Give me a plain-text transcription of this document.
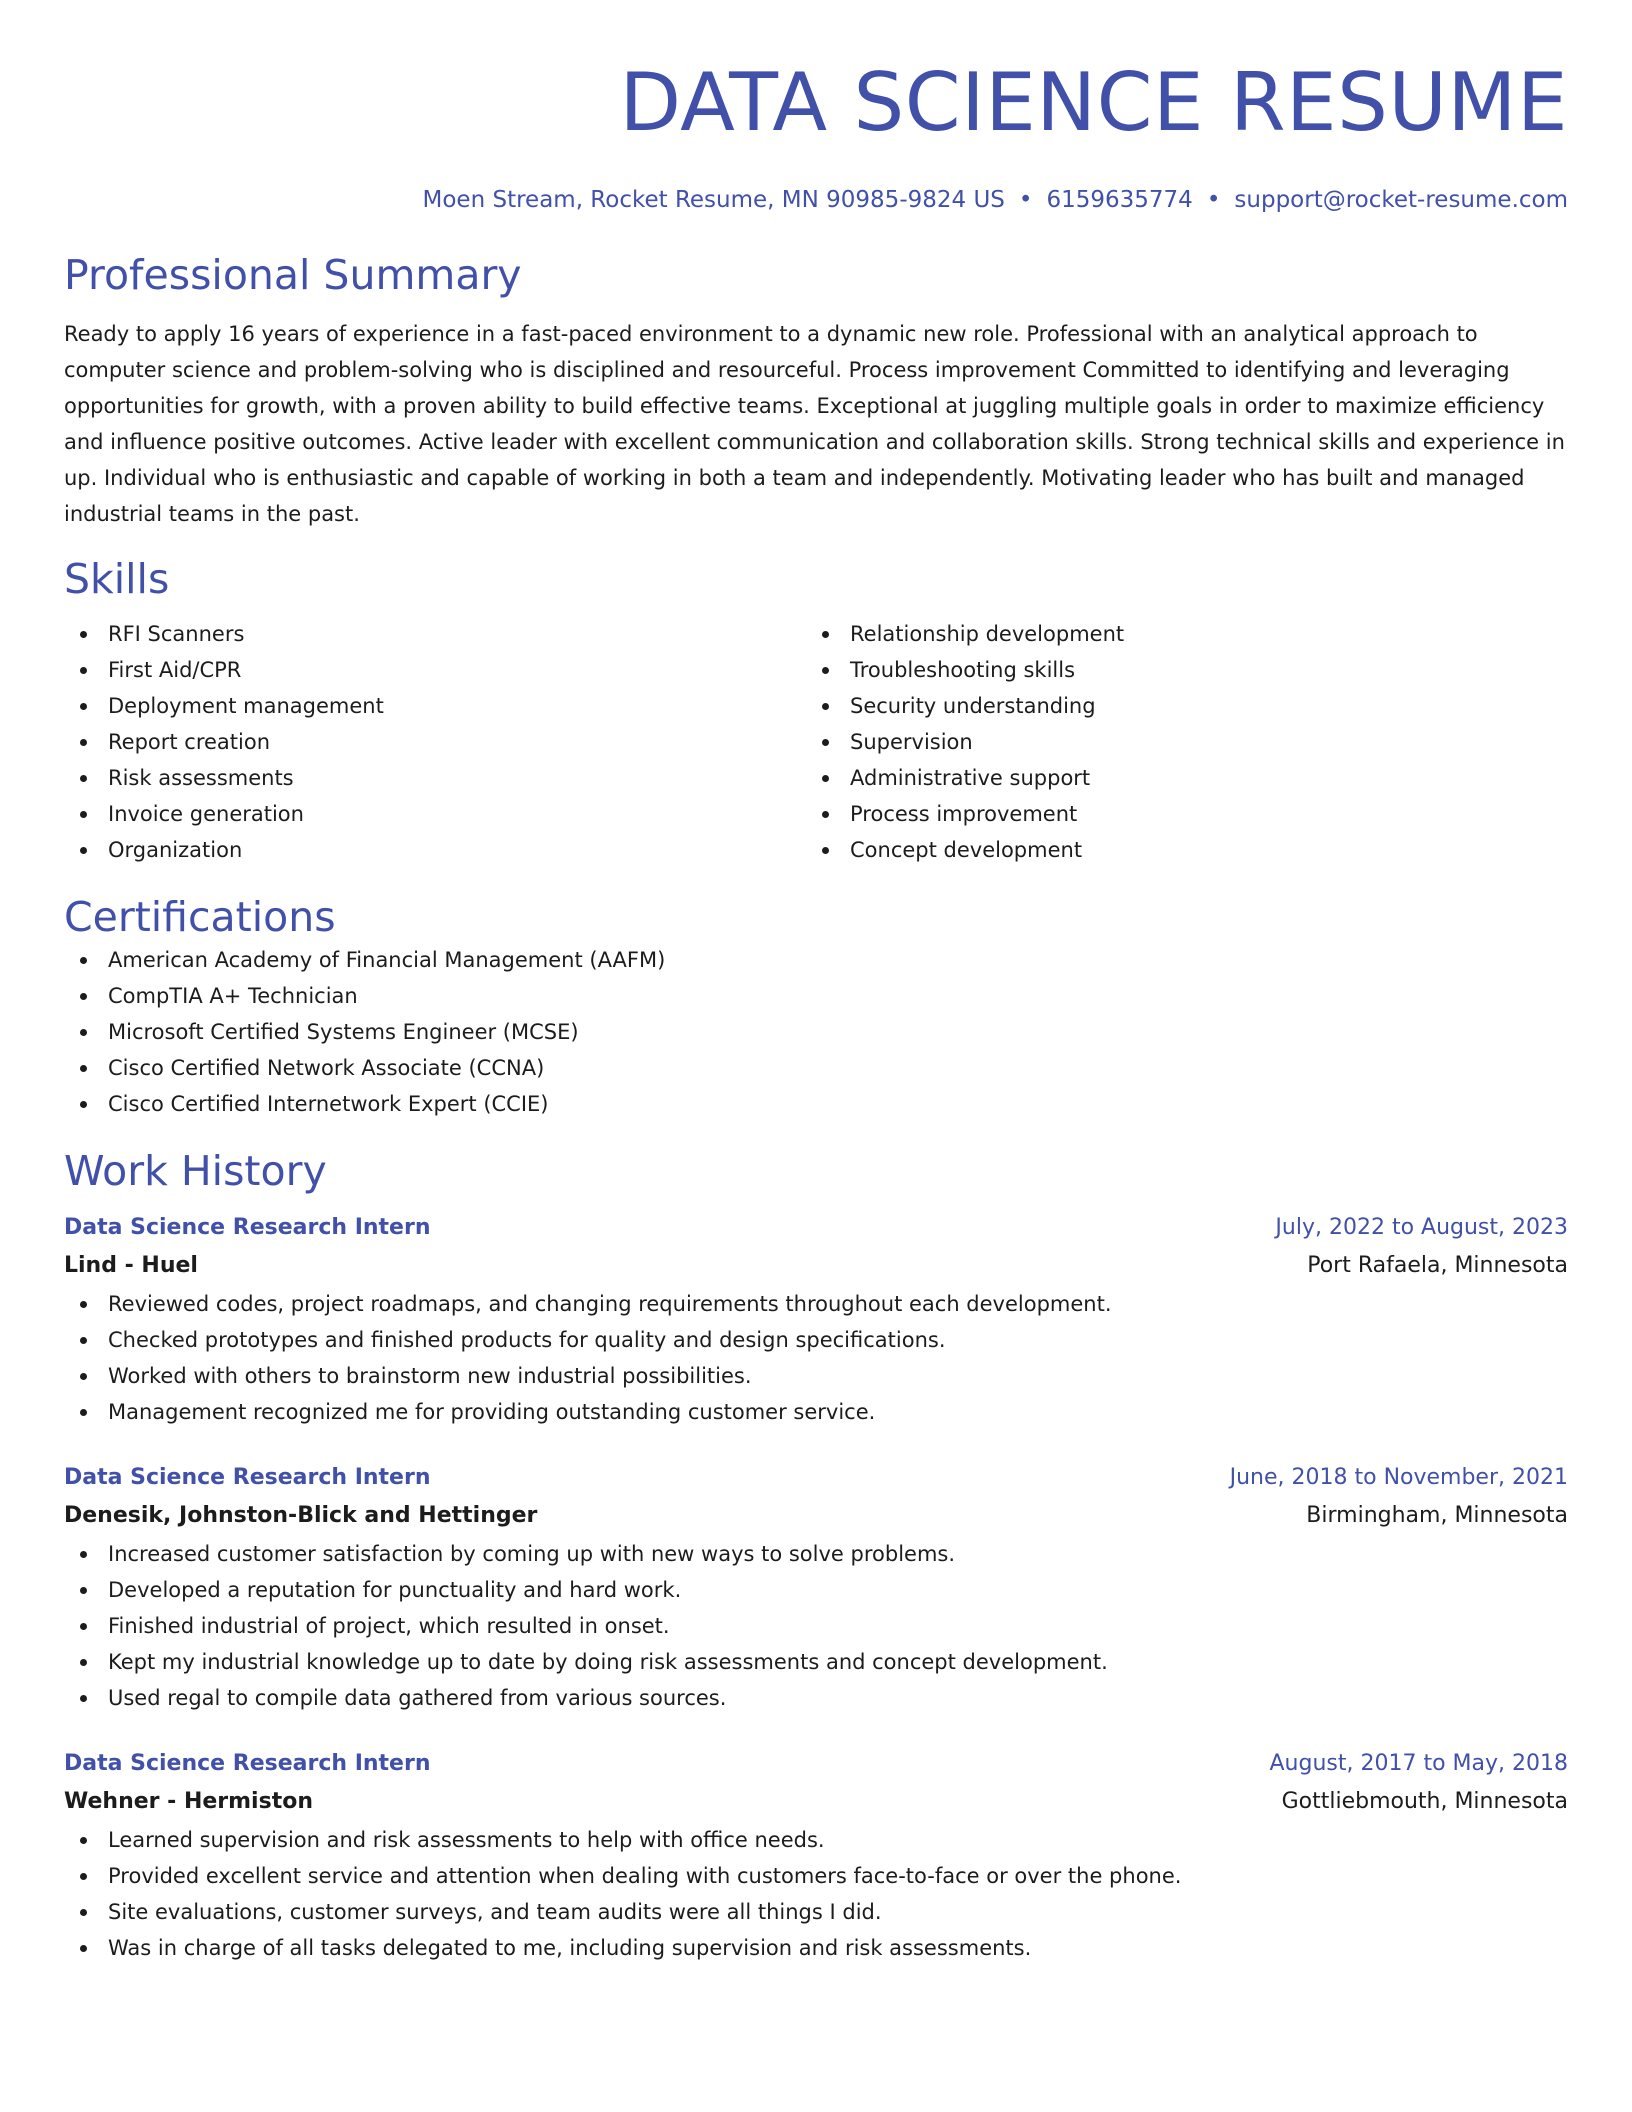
DATA SCIENCE RESUME
Moen Stream, Rocket Resume, MN 90985-9824 US • 6159635774 • support@rocket-resume.com
Professional Summary

Ready to apply 16 years of experience in a fast-paced environment to a dynamic new role. Professional with an analytical approach to computer science and problem-solving who is disciplined and resourceful. Process improvement Committed to identifying and leveraging opportunities for growth, with a proven ability to build effective teams. Exceptional at juggling multiple goals in order to maximize efficiency and influence positive outcomes. Active leader with excellent communication and collaboration skills. Strong technical skills and experience in up. Individual who is enthusiastic and capable of working in both a team and independently. Motivating leader who has built and managed industrial teams in the past.

Skills
RFI Scanners
First Aid/CPR
Deployment management
Report creation
Risk assessments
Invoice generation
Organization
Relationship development
Troubleshooting skills
Security understanding
Supervision
Administrative support
Process improvement
Concept development
Certifications
American Academy of Financial Management (AAFM)
CompTIA A+ Technician
Microsoft Certified Systems Engineer (MCSE)
Cisco Certified Network Associate (CCNA)
Cisco Certified Internetwork Expert (CCIE)
Work History
Data Science Research Intern	July, 2022 to August, 2023
Lind - Huel	Port Rafaela, Minnesota
Reviewed codes, project roadmaps, and changing requirements throughout each development.
Checked prototypes and finished products for quality and design specifications.
Worked with others to brainstorm new industrial possibilities.
Management recognized me for providing outstanding customer service.
Data Science Research Intern	June, 2018 to November, 2021
Denesik, Johnston-Blick and Hettinger	Birmingham, Minnesota
Increased customer satisfaction by coming up with new ways to solve problems.
Developed a reputation for punctuality and hard work.
Finished industrial of project, which resulted in onset.
Kept my industrial knowledge up to date by doing risk assessments and concept development.
Used regal to compile data gathered from various sources.
Data Science Research Intern	August, 2017 to May, 2018
Wehner - Hermiston	Gottliebmouth, Minnesota
Learned supervision and risk assessments to help with office needs.
Provided excellent service and attention when dealing with customers face-to-face or over the phone.
Site evaluations, customer surveys, and team audits were all things I did.
Was in charge of all tasks delegated to me, including supervision and risk assessments.
